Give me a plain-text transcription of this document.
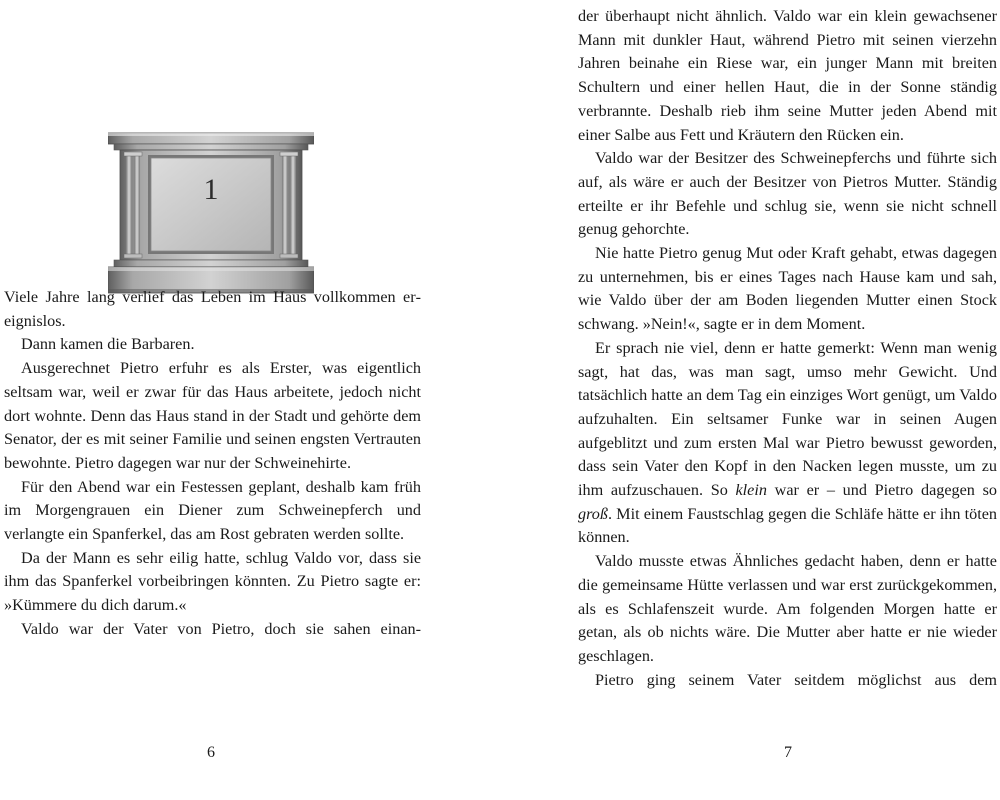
1

Viele Jahre lang verlief das Leben im Haus vollkommen ereignislos.

Dann kamen die Barbaren.

Ausgerechnet Pietro erfuhr es als Erster, was eigentlich seltsam war, weil er zwar für das Haus arbeitete, jedoch nicht dort wohnte. Denn das Haus stand in der Stadt und gehörte dem Senator, der es mit seiner Familie und seinen engsten Vertrauten bewohnte. Pietro dagegen war nur der Schweinehirte.

Für den Abend war ein Festessen geplant, deshalb kam früh im Morgengrauen ein Diener zum Schweinepferch und verlangte ein Spanferkel, das am Rost gebraten werden sollte.

Da der Mann es sehr eilig hatte, schlug Valdo vor, dass sie ihm das Spanferkel vorbeibringen könnten. Zu Pietro sagte er: »Kümmere du dich darum.«

Valdo war der Vater von Pietro, doch sie sahen einan-

6

der überhaupt nicht ähnlich. Valdo war ein klein gewachsener Mann mit dunkler Haut, während Pietro mit seinen vierzehn Jahren beinahe ein Riese war, ein junger Mann mit breiten Schultern und einer hellen Haut, die in der Sonne ständig verbrannte. Deshalb rieb ihm seine Mutter jeden Abend mit einer Salbe aus Fett und Kräutern den Rücken ein.

Valdo war der Besitzer des Schweinepferchs und führte sich auf, als wäre er auch der Besitzer von Pietros Mutter. Ständig erteilte er ihr Befehle und schlug sie, wenn sie nicht schnell genug gehorchte.

Nie hatte Pietro genug Mut oder Kraft gehabt, etwas dagegen zu unternehmen, bis er eines Tages nach Hause kam und sah, wie Valdo über der am Boden liegenden Mutter einen Stock schwang. »Nein!«, sagte er in dem Moment.

Er sprach nie viel, denn er hatte gemerkt: Wenn man wenig sagt, hat das, was man sagt, umso mehr Gewicht. Und tatsächlich hatte an dem Tag ein einziges Wort genügt, um Valdo aufzuhalten. Ein seltsamer Funke war in seinen Augen aufgeblitzt und zum ersten Mal war Pietro bewusst geworden, dass sein Vater den Kopf in den Nacken legen musste, um zu ihm aufzuschauen. So klein war er – und Pietro dagegen so groß. Mit einem Faustschlag gegen die Schläfe hätte er ihn töten können.

Valdo musste etwas Ähnliches gedacht haben, denn er hatte die gemeinsame Hütte verlassen und war erst zurückgekommen, als es Schlafenszeit wurde. Am folgenden Morgen hatte er getan, als ob nichts wäre. Die Mutter aber hatte er nie wieder geschlagen.

Pietro ging seinem Vater seitdem möglichst aus dem

7
